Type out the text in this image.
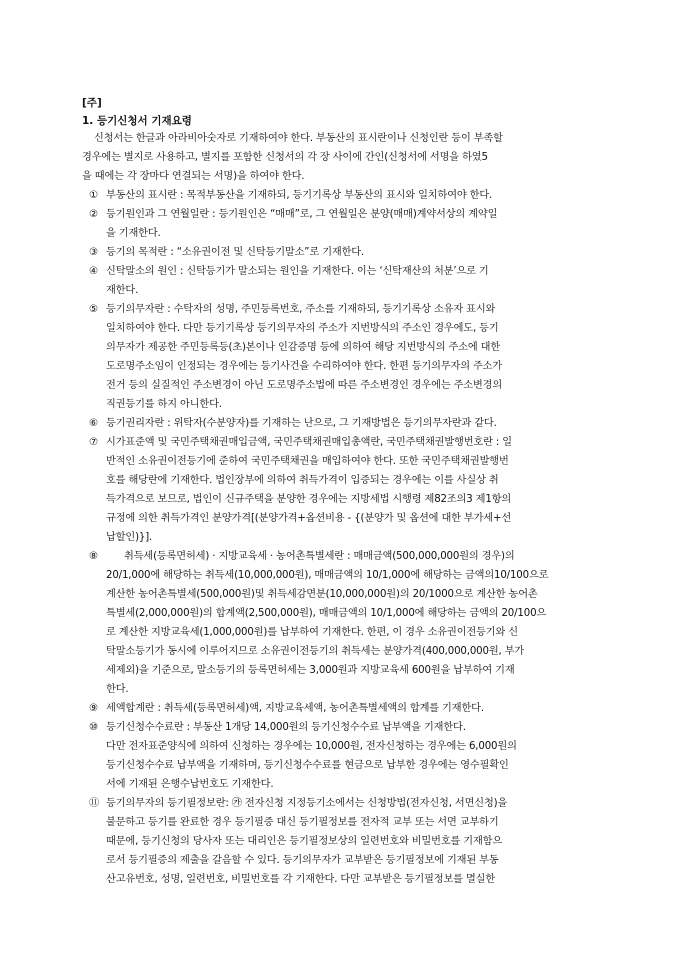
[주]
1. 등기신청서 기재요령
신청서는 한글과 아라비아숫자로 기재하여야 한다. 부동산의 표시란이나 신청인란 등이 부족할
경우에는 별지로 사용하고, 별지를 포함한 신청서의 각 장 사이에 간인(신청서에 서명을 하였5
을 때에는 각 장마다 연결되는 서명)을 하여야 한다.
① 부동산의 표시란 : 목적부동산을 기재하되, 등기기록상 부동산의 표시와 일치하여야 한다.
② 등기원인과 그 연월일란 : 등기원인은 “매매”로, 그 연월일은 분양(매매)계약서상의 계약일
을 기재한다.
③ 등기의 목적란 : “소유권이전 및 신탁등기말소”로 기재한다.
④ 신탁말소의 원인 : 신탁등기가 말소되는 원인을 기재한다. 이는 ‘신탁재산의 처분’으로 기
재한다.
⑤ 등기의무자란 : 수탁자의 성명, 주민등록번호, 주소를 기재하되, 등기기록상 소유자 표시와
일치하여야 한다. 다만 등기기록상 등기의무자의 주소가 지번방식의 주소인 경우에도, 등기
의무자가 제공한 주민등록등(초)본이나 인감증명 등에 의하여 해당 지번방식의 주소에 대한
도로명주소임이 인정되는 경우에는 등기사건을 수리하여야 한다. 한편 등기의무자의 주소가
전거 등의 실질적인 주소변경이 아닌 도로명주소법에 따른 주소변경인 경우에는 주소변경의
직권등기를 하지 아니한다.
⑥ 등기권리자란 : 위탁자(수분양자)를 기재하는 난으로, 그 기재방법은 등기의무자란과 같다.
⑦ 시가표준액 및 국민주택채권매입금액, 국민주택채권매입총액란, 국민주택채권발행번호란 : 일
반적인 소유권이전등기에 준하여 국민주택채권을 매입하여야 한다. 또한 국민주택채권발행번
호를 해당란에 기재한다. 법인장부에 의하여 취득가격이 입증되는 경우에는 이를 사실상 취
득가격으로 보므로, 법인이 신규주택을 분양한 경우에는 지방세법 시행령 제82조의3 제1항의
규정에 의한 취득가격인 분양가격[(분양가격+옵션비용 - {(분양가 및 옵션에 대한 부가세+선
납할인)}].
⑧	취득세(등록면허세) · 지방교육세 · 농어촌특별세란 : 매매금액(500,000,000원의 경우)의
20/1,000에 해당하는 취득세(10,000,000원), 매매금액의 10/1,000에 해당하는 금액의10/100으로
계산한 농어촌특별세(500,000원)및 취득세감면분(10,000,000원)의 20/1000으로 계산한 농어촌
특별세(2,000,000원)의 합계액(2,500,000원), 매매금액의 10/1,000에 해당하는 금액의 20/100으
로 계산한 지방교육세(1,000,000원)를 납부하여 기재한다. 한편, 이 경우 소유권이전등기와 신
탁말소등기가 동시에 이루어지므로 소유권이전등기의 취득세는 분양가격(400,000,000원, 부가
세제외)을 기준으로, 말소등기의 등록면허세는 3,000원과 지방교육세 600원을 납부하여 기재
한다.
⑨ 세액합계란 : 취득세(등록면허세)액, 지방교육세액, 농어촌특별세액의 합계를 기재한다.
⑩ 등기신청수수료란 : 부동산 1개당 14,000원의 등기신청수수료 납부액을 기재한다.
다만 전자표준양식에 의하여 신청하는 경우에는 10,000원, 전자신청하는 경우에는 6,000원의
등기신청수수료 납부액을 기재하며, 등기신청수수료를 현금으로 납부한 경우에는 영수필확인
서에 기재된 은행수납번호도 기재한다.
⑪ 등기의무자의 등기필정보란: ㉮ 전자신청 지정등기소에서는 신청방법(전자신청, 서면신청)을
불문하고 등기를 완료한 경우 등기필증 대신 등기필정보를 전자적 교부 또는 서면 교부하기
때문에, 등기신청의 당사자 또는 대리인은 등기필정보상의 일련번호와 비밀번호를 기재함으
로서 등기필증의 제출을 갈음할 수 있다. 등기의무자가 교부받은 등기필정보에 기재된 부동
산고유번호, 성명, 일련번호, 비밀번호를 각 기재한다. 다만 교부받은 등기필정보를 멸실한
